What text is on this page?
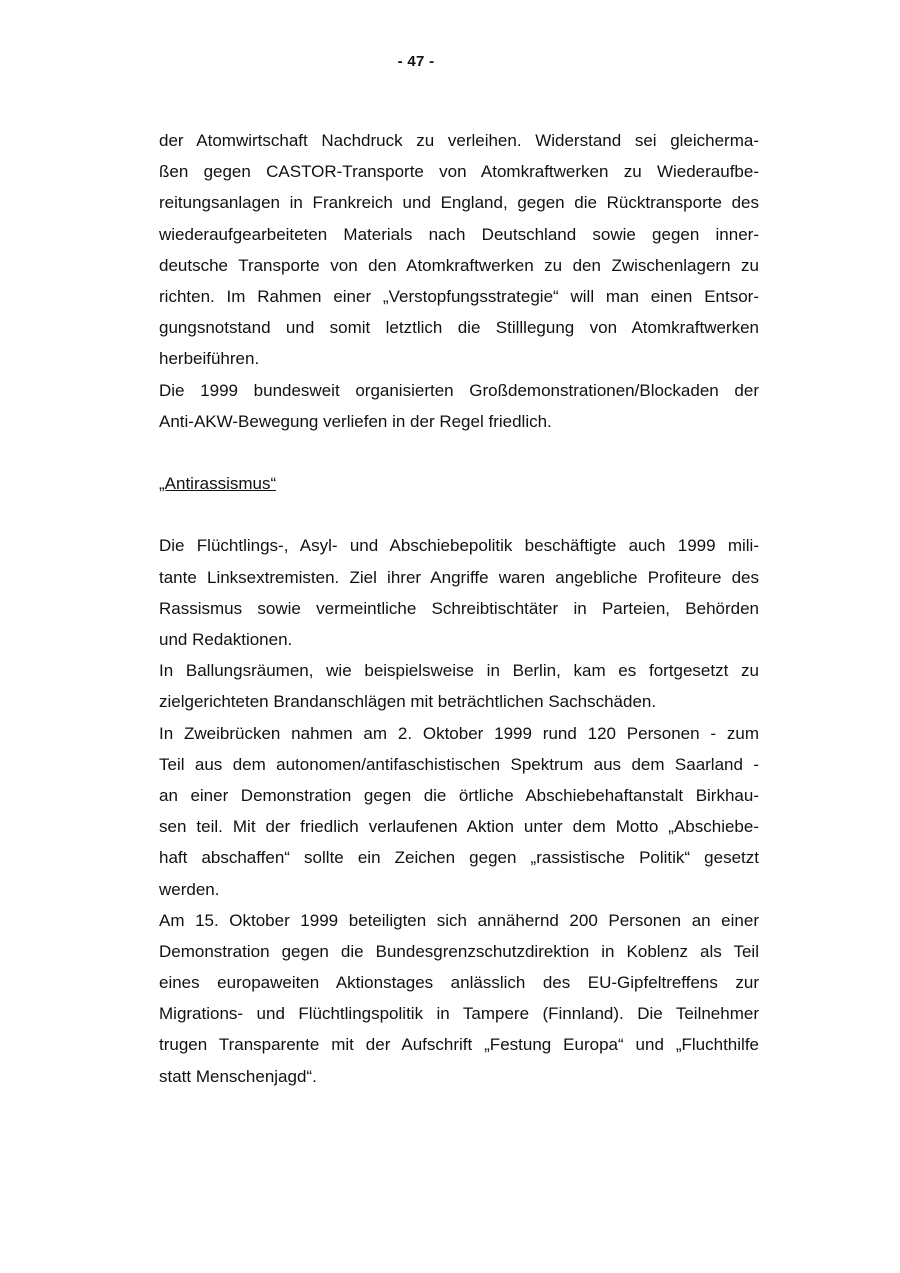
- 47 -
der Atomwirtschaft Nachdruck zu verleihen. Widerstand sei gleicherma-
ßen gegen CASTOR-Transporte von Atomkraftwerken zu Wiederaufbe-
reitungsanlagen in Frankreich und England, gegen die Rücktransporte des
wiederaufgearbeiteten Materials nach Deutschland sowie gegen inner-
deutsche Transporte von den Atomkraftwerken zu den Zwischenlagern zu
richten. Im Rahmen einer „Verstopfungsstrategie“ will man einen Entsor-
gungsnotstand und somit letztlich die Stilllegung von Atomkraftwerken
herbeiführen.
Die 1999 bundesweit organisierten Großdemonstrationen/Blockaden der
Anti-AKW-Bewegung verliefen in der Regel friedlich.
„Antirassismus“
Die Flüchtlings-, Asyl- und Abschiebepolitik beschäftigte auch 1999 mili-
tante Linksextremisten. Ziel ihrer Angriffe waren angebliche Profiteure des
Rassismus sowie vermeintliche Schreibtischtäter in Parteien, Behörden
und Redaktionen.
In Ballungsräumen, wie beispielsweise in Berlin, kam es fortgesetzt zu
zielgerichteten Brandanschlägen mit beträchtlichen Sachschäden.
In Zweibrücken nahmen am 2. Oktober 1999 rund 120 Personen - zum
Teil aus dem autonomen/antifaschistischen Spektrum aus dem Saarland -
an einer Demonstration gegen die örtliche Abschiebehaftanstalt Birkhau-
sen teil. Mit der friedlich verlaufenen Aktion unter dem Motto „Abschiebe-
haft abschaffen“ sollte ein Zeichen gegen „rassistische Politik“ gesetzt
werden.
Am 15. Oktober 1999 beteiligten sich annähernd 200 Personen an einer
Demonstration gegen die Bundesgrenzschutzdirektion in Koblenz als Teil
eines europaweiten Aktionstages anlässlich des EU-Gipfeltreffens zur
Migrations- und Flüchtlingspolitik in Tampere (Finnland). Die Teilnehmer
trugen Transparente mit der Aufschrift „Festung Europa“ und „Fluchthilfe
statt Menschenjagd“.
